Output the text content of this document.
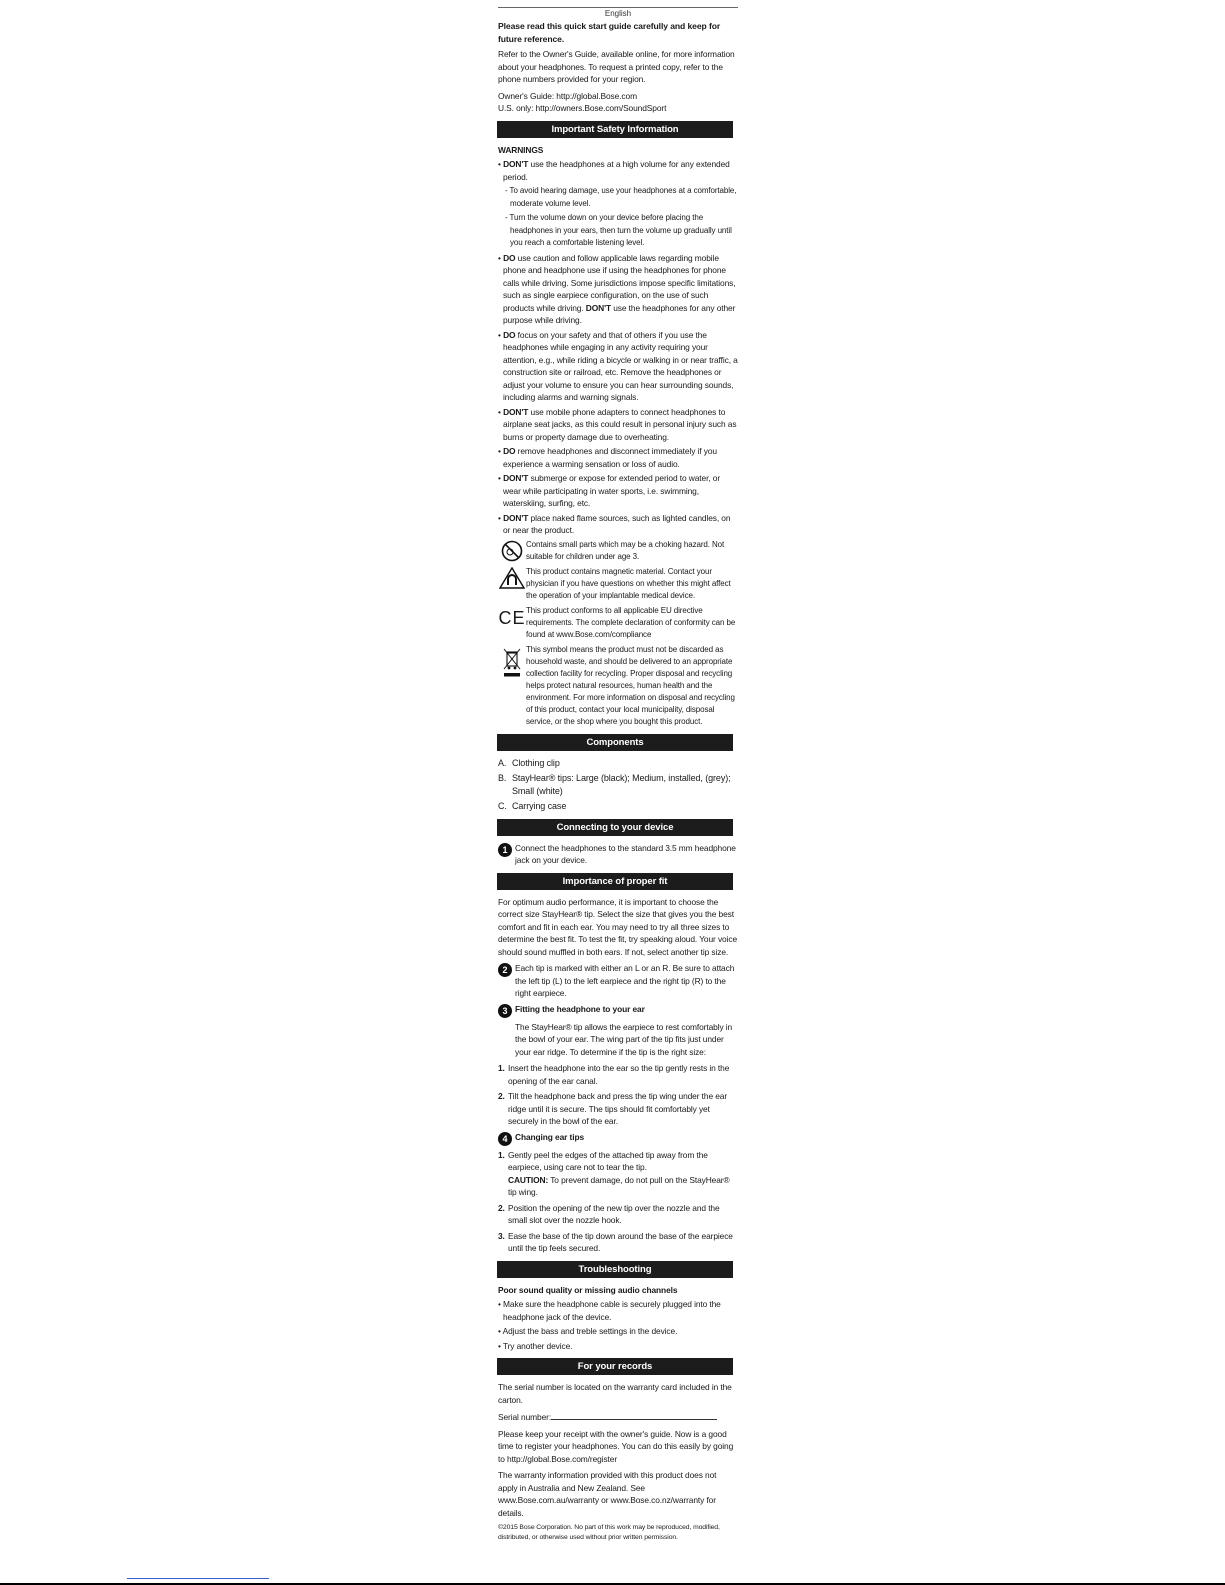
English

Please read this quick start guide carefully and keep for future reference.

Refer to the Owner's Guide, available online, for more information about your headphones. To request a printed copy, refer to the phone numbers provided for your region.

Owner's Guide: http://global.Bose.com

U.S. only: http://owners.Bose.com/SoundSport

Important Safety Information
WARNINGS
• DON'T use the headphones at a high volume for any extended period.
- To avoid hearing damage, use your headphones at a comfortable, moderate volume level.
- Turn the volume down on your device before placing the headphones in your ears, then turn the volume up gradually until you reach a comfortable listening level.
• DO use caution and follow applicable laws regarding mobile phone and headphone use if using the headphones for phone calls while driving. Some jurisdictions impose specific limitations, such as single earpiece configuration, on the use of such products while driving. DON'T use the headphones for any other purpose while driving.
• DO focus on your safety and that of others if you use the headphones while engaging in any activity requiring your attention, e.g., while riding a bicycle or walking in or near traffic, a construction site or railroad, etc. Remove the headphones or adjust your volume to ensure you can hear surrounding sounds, including alarms and warning signals.
• DON'T use mobile phone adapters to connect headphones to airplane seat jacks, as this could result in personal injury such as burns or property damage due to overheating.
• DO remove headphones and disconnect immediately if you experience a warming sensation or loss of audio.
• DON'T submerge or expose for extended period to water, or wear while participating in water sports, i.e. swimming, waterskiing, surfing, etc.
• DON'T place naked flame sources, such as lighted candles, on or near the product.
Contains small parts which may be a choking hazard. Not suitable for children under age 3.
This product contains magnetic material. Contact your physician if you have questions on whether this might affect the operation of your implantable medical device.
CE This product conforms to all applicable EU directive requirements. The complete declaration of conformity can be found at www.Bose.com/compliance
This symbol means the product must not be discarded as household waste, and should be delivered to an appropriate collection facility for recycling. Proper disposal and recycling helps protect natural resources, human health and the environment. For more information on disposal and recycling of this product, contact your local municipality, disposal service, or the shop where you bought this product.
Components
A. Clothing clip
B. StayHear® tips: Large (black); Medium, installed, (grey); Small (white)
C. Carrying case
Connecting to your device
1 Connect the headphones to the standard 3.5 mm headphone jack on your device.
Importance of proper fit

For optimum audio performance, it is important to choose the correct size StayHear® tip. Select the size that gives you the best comfort and fit in each ear. You may need to try all three sizes to determine the best fit. To test the fit, try speaking aloud. Your voice should sound muffled in both ears. If not, select another tip size.

2 Each tip is marked with either an L or an R. Be sure to attach the left tip (L) to the left earpiece and the right tip (R) to the right earpiece.
3 Fitting the headphone to your ear

The StayHear® tip allows the earpiece to rest comfortably in the bowl of your ear. The wing part of the tip fits just under your ear ridge. To determine if the tip is the right size:

1. Insert the headphone into the ear so the tip gently rests in the opening of the ear canal.
2. Tilt the headphone back and press the tip wing under the ear ridge until it is secure. The tips should fit comfortably yet securely in the bowl of the ear.
4 Changing ear tips
1. Gently peel the edges of the attached tip away from the earpiece, using care not to tear the tip.
CAUTION: To prevent damage, do not pull on the StayHear® tip wing.
2. Position the opening of the new tip over the nozzle and the small slot over the nozzle hook.
3. Ease the base of the tip down around the base of the earpiece until the tip feels secured.
Troubleshooting
Poor sound quality or missing audio channels
• Make sure the headphone cable is securely plugged into the headphone jack of the device.
• Adjust the bass and treble settings in the device.
• Try another device.
For your records

The serial number is located on the warranty card included in the carton.

Serial number:

Please keep your receipt with the owner's guide. Now is a good time to register your headphones. You can do this easily by going to http://global.Bose.com/register

The warranty information provided with this product does not apply in Australia and New Zealand. See www.Bose.com.au/warranty or www.Bose.co.nz/warranty for details.

©2015 Bose Corporation. No part of this work may be reproduced, modified, distributed, or otherwise used without prior written permission.
